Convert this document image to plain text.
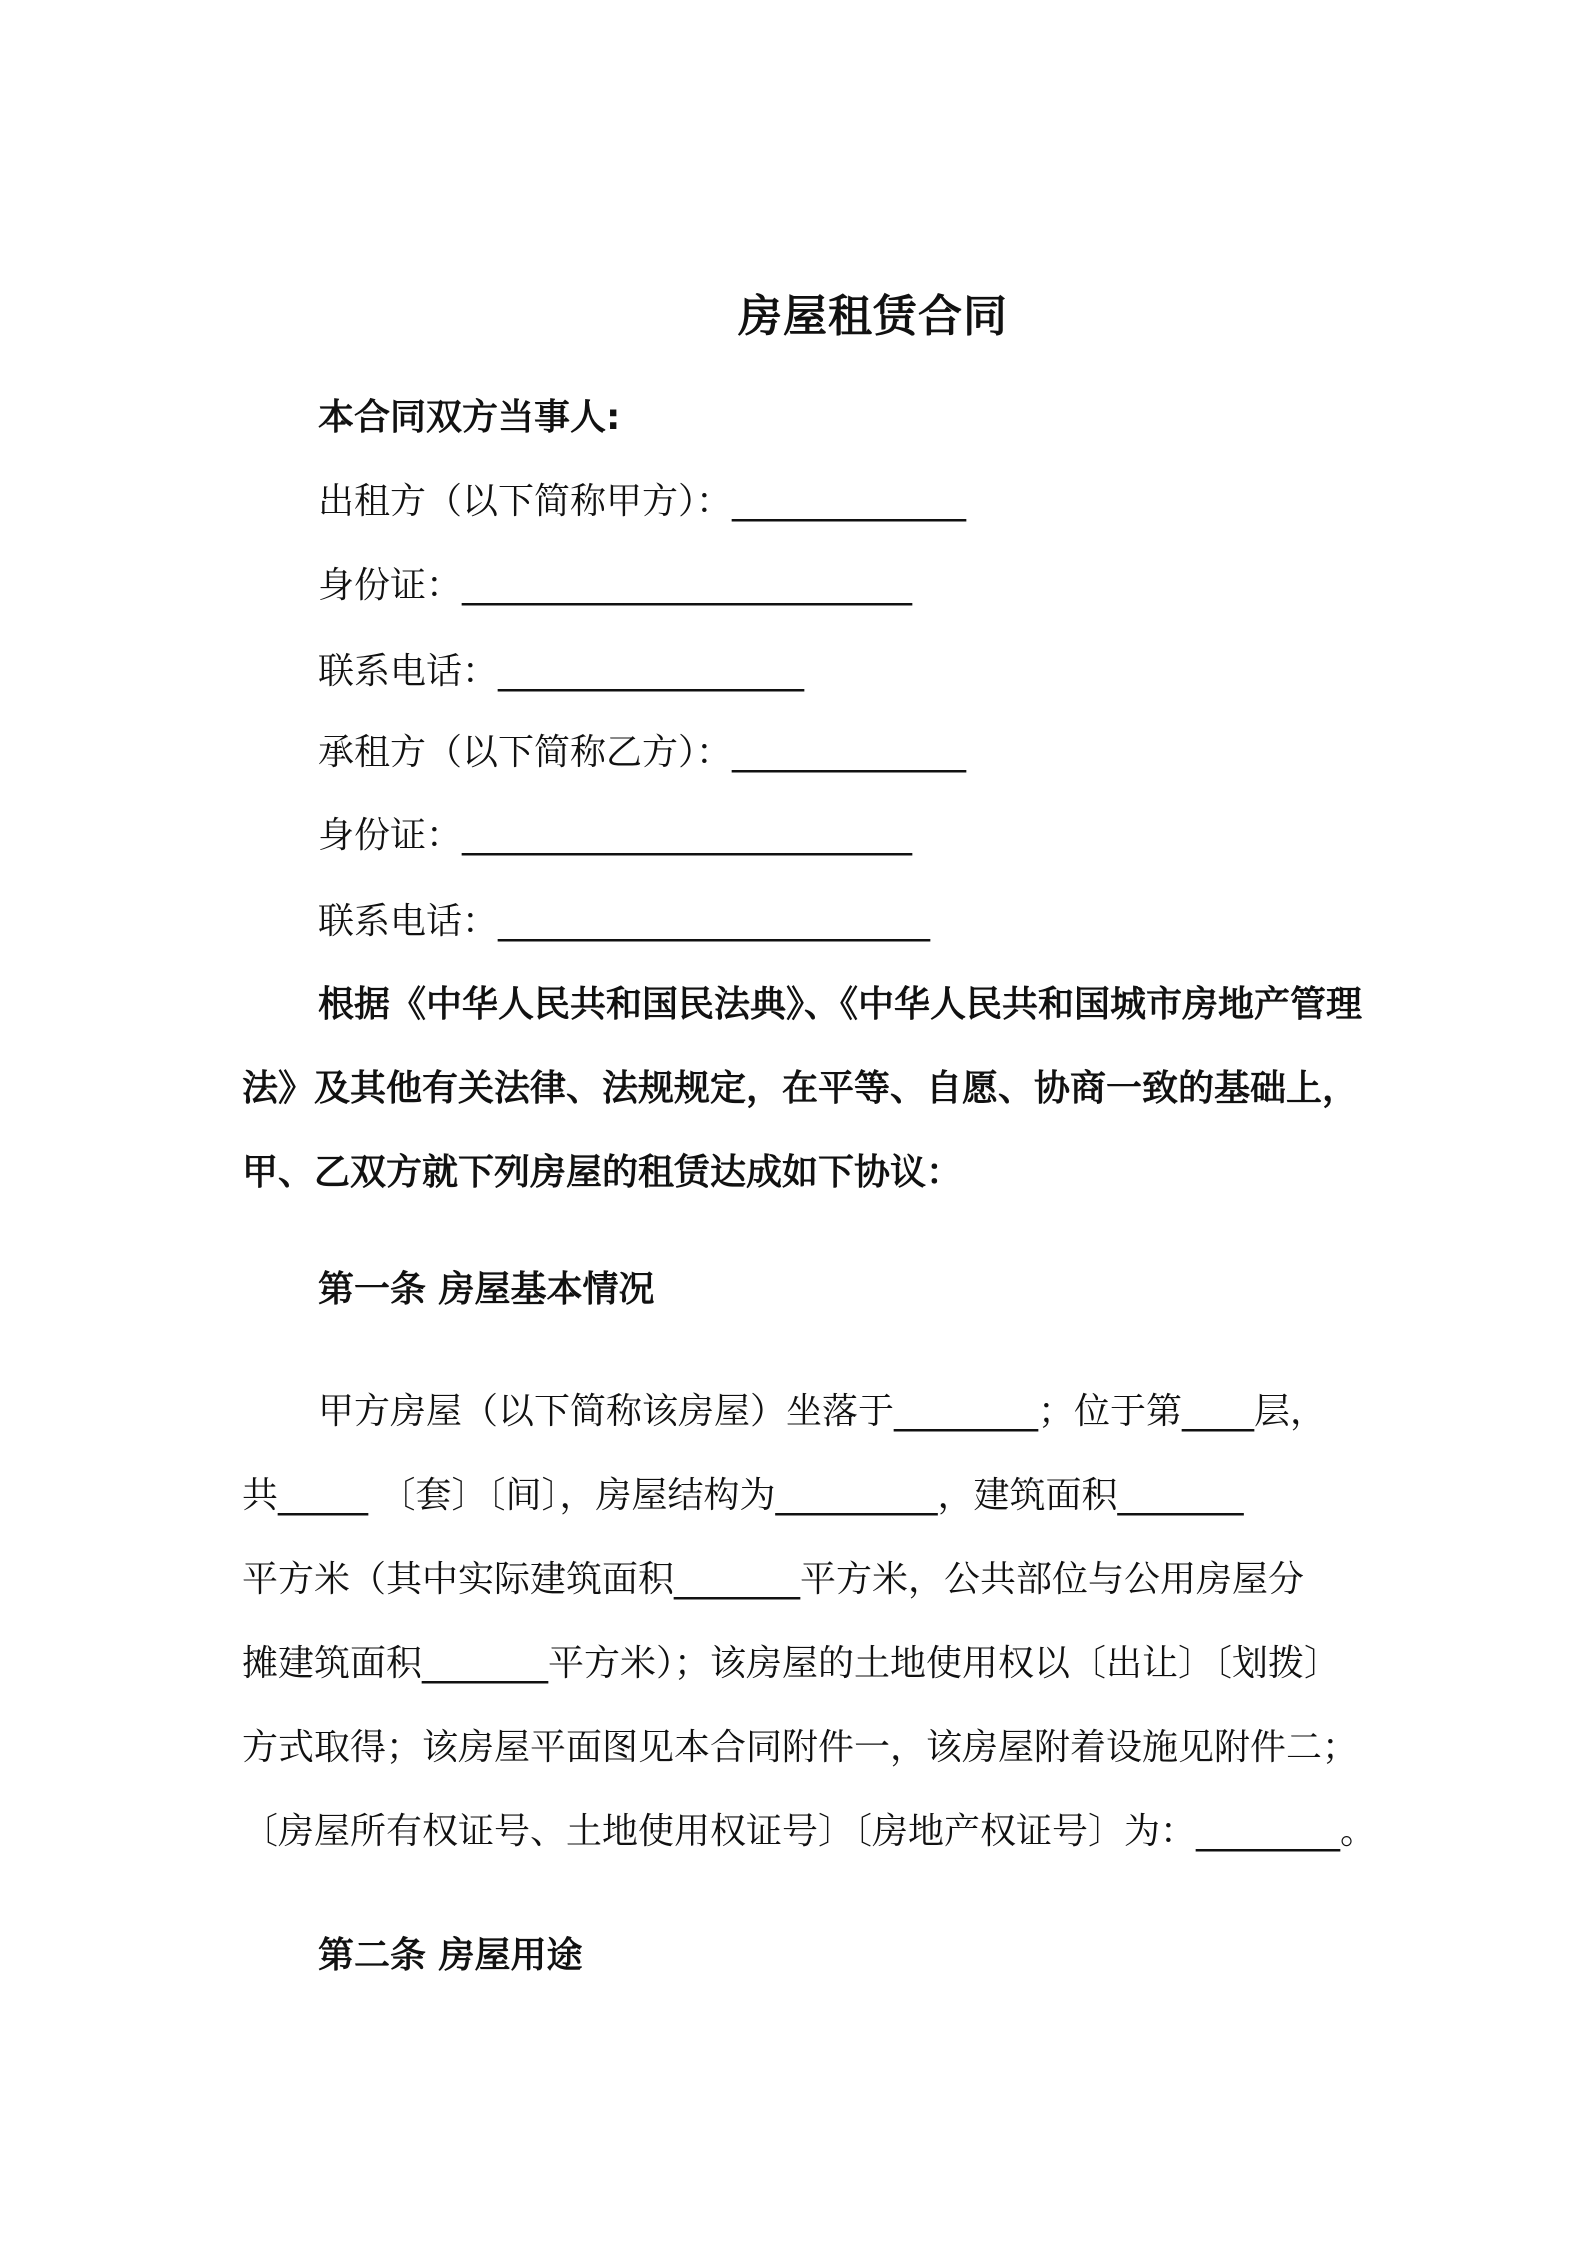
房屋租赁合同
本合同双方当事人:
出租方（以下简称甲方）：_____________
身份证：_________________________
联系电话：_________________
承租方（以下简称乙方）：_____________
身份证：_________________________
联系电话：________________________
根据《中华人民共和国民法典》、《中华人民共和国城市房地产管理
法》及其他有关法律、法规规定，在平等、自愿、协商一致的基础上，
甲、乙双方就下列房屋的租赁达成如下协议：
第一条 房屋基本情况
甲方房屋（以下简称该房屋）坐落于________；位于第____层，
共_____ 〔套〕〔间〕，房屋结构为_________，建筑面积_______
平方米（其中实际建筑面积_______平方米，公共部位与公用房屋分
摊建筑面积_______平方米）；该房屋的土地使用权以〔出让〕〔划拨〕
方式取得；该房屋平面图见本合同附件一，该房屋附着设施见附件二；
〔房屋所有权证号、土地使用权证号〕〔房地产权证号〕为：________。
第二条 房屋用途
